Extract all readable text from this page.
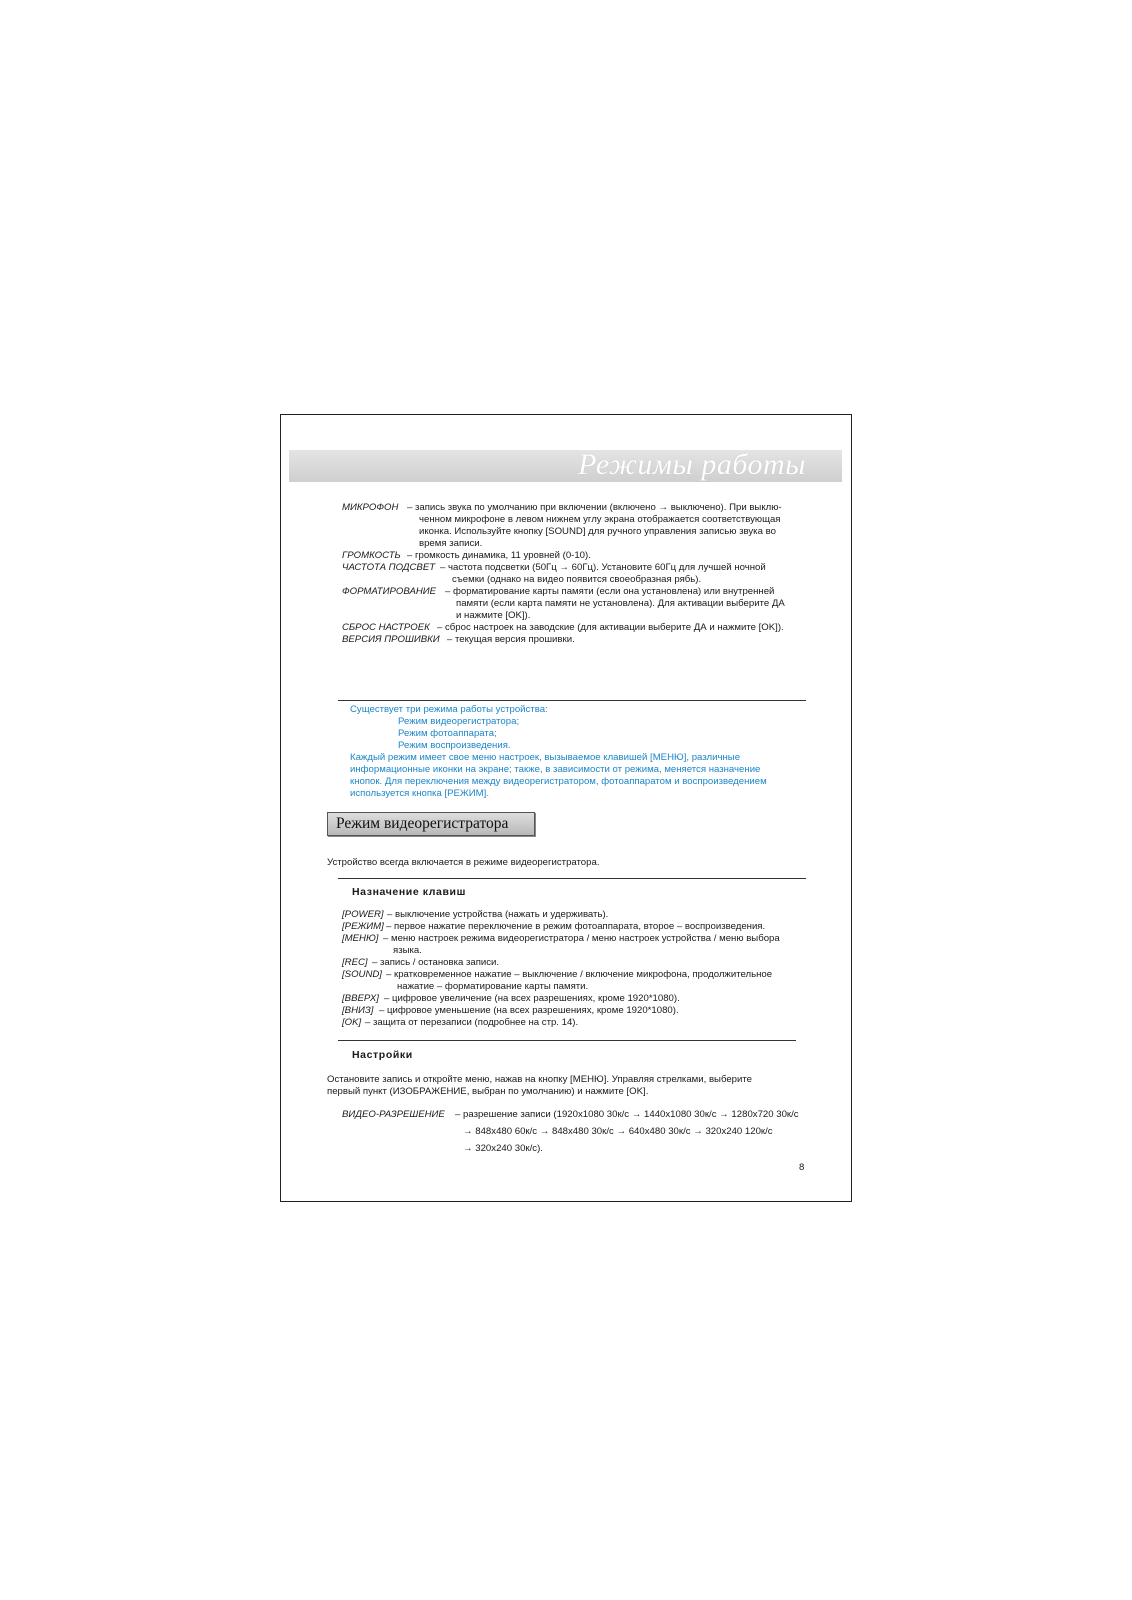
Режимы работы
МИКРОФОН – запись звука по умолчанию при включении (включено → выключено). При выклю-
ченном микрофоне в левом нижнем углу экрана отображается соответствующая
иконка. Используйте кнопку [SOUND] для ручного управления записью звука во
время записи.
ГРОМКОСТЬ – громкость динамика, 11 уровней (0-10).
ЧАСТОТА ПОДСВЕТ – частота подсветки (50Гц → 60Гц). Установите 60Гц для лучшей ночной
съемки (однако на видео появится своеобразная рябь).
ФОРМАТИРОВАНИЕ – форматирование карты памяти (если она установлена) или внутренней
памяти (если карта памяти не установлена). Для активации выберите ДА
и нажмите [OK]).
СБРОС НАСТРОЕК – сброс настроек на заводские (для активации выберите ДА и нажмите [OK]).
ВЕРСИЯ ПРОШИВКИ – текущая версия прошивки.
Существует три режима работы устройства:
Режим видеорегистратора;
Режим фотоаппарата;
Режим воспроизведения.
Каждый режим имеет свое меню настроек, вызываемое клавишей [МЕНЮ], различные
информационные иконки на экране; также, в зависимости от режима, меняется назначение
кнопок. Для переключения между видеорегистратором, фотоаппаратом и воспроизведением
используется кнопка [РЕЖИМ].
Режим видеорегистратора
Устройство всегда включается в режиме видеорегистратора.
Назначение клавиш
[POWER] – выключение устройства (нажать и удерживать).
[РЕЖИМ] – первое нажатие переключение в режим фотоаппарата, второе – воспроизведения.
[МЕНЮ] – меню настроек режима видеорегистратора / меню настроек устройства / меню выбора
языка.
[REC] – запись / остановка записи.
[SOUND] – кратковременное нажатие – выключение / включение микрофона, продолжительное
нажатие – форматирование карты памяти.
[ВВЕРХ] – цифровое увеличение (на всех разрешениях, кроме 1920*1080).
[ВНИЗ] – цифровое уменьшение (на всех разрешениях, кроме 1920*1080).
[OK] – защита от перезаписи (подробнее на стр. 14).
Настройки
Остановите запись и откройте меню, нажав на кнопку [МЕНЮ]. Управляя стрелками, выберите
первый пункт (ИЗОБРАЖЕНИЕ, выбран по умолчанию) и нажмите [OK].
ВИДЕО-РАЗРЕШЕНИЕ – разрешение записи (1920x1080 30к/с → 1440x1080 30к/с → 1280x720 30к/с
→ 848x480 60к/с → 848x480 30к/с → 640x480 30к/с → 320x240 120к/с
→ 320x240 30к/с).
8
